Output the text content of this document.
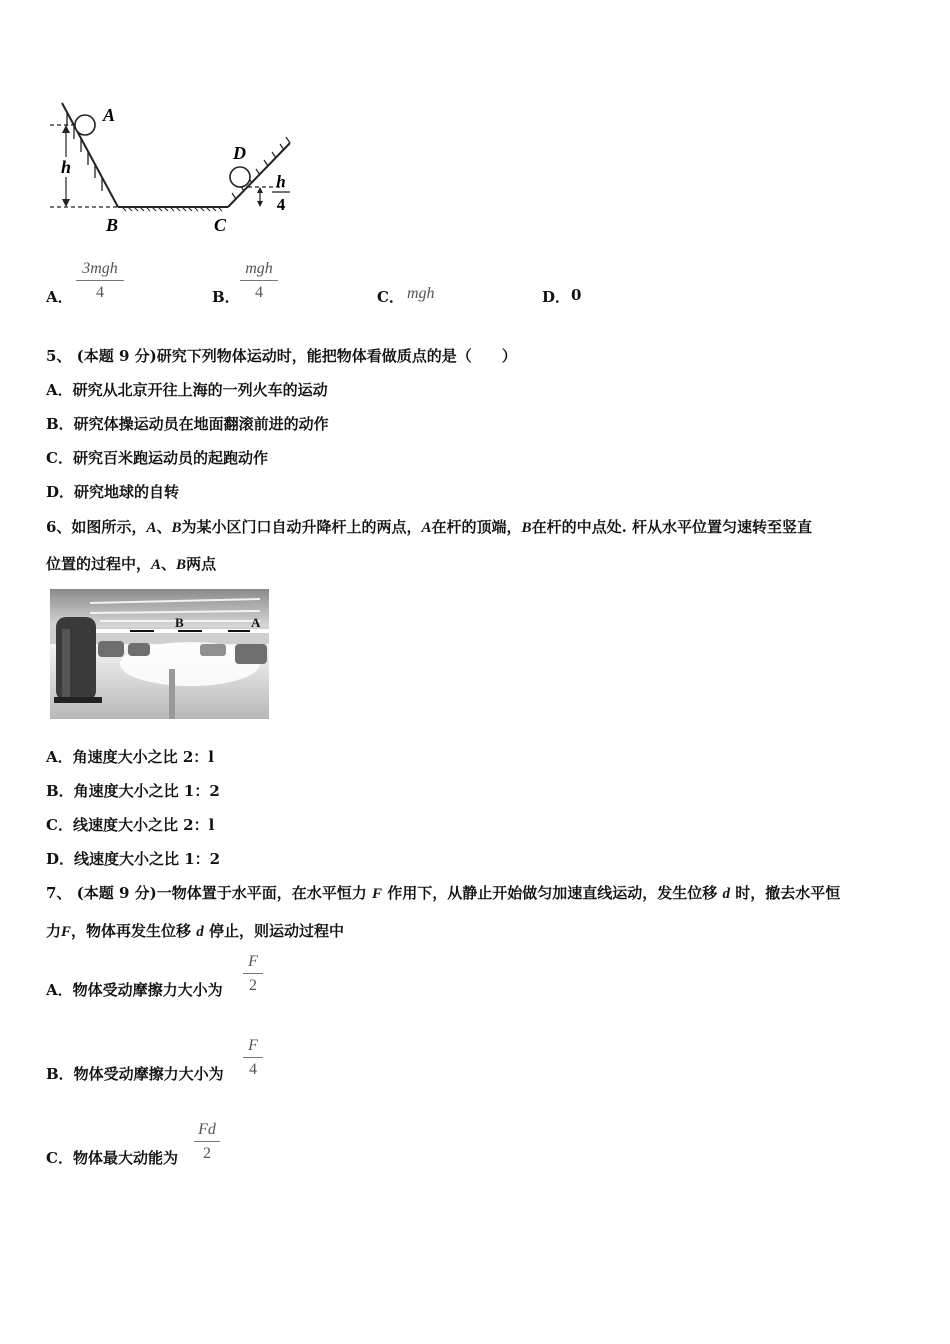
h
A
B	C
D
h
4
A．
3mgh
4	B．
mgh
4	C． mgh	D． 0
5、 (本题 9 分)研究下列物体运动时，能把物体看做质点的是（　　）
A．研究从北京开往上海的一列火车的运动
B．研究体操运动员在地面翻滚前进的动作
C．研究百米跑运动员的起跑动作
D．研究地球的自转
6、如图所示，A、B为某小区门口自动升降杆上的两点，A在杆的顶端，B在杆的中点处. 杆从水平位置匀速转至竖直
位置的过程中，A、B两点
B	A
A．角速度大小之比 2：l
B．角速度大小之比 1：2
C．线速度大小之比 2：l
D．线速度大小之比 1：2
7、 (本题 9 分)一物体置于水平面，在水平恒力 F 作用下，从静止开始做匀加速直线运动，发生位移 d 时，撤去水平恒
力F，物体再发生位移 d 停止，则运动过程中
A．物体受动摩擦力大小为 $\frac{F}{2}$
B．物体受动摩擦力大小为 $\frac{F}{4}$
C．物体最大动能为 $\frac{Fd}{2}$
